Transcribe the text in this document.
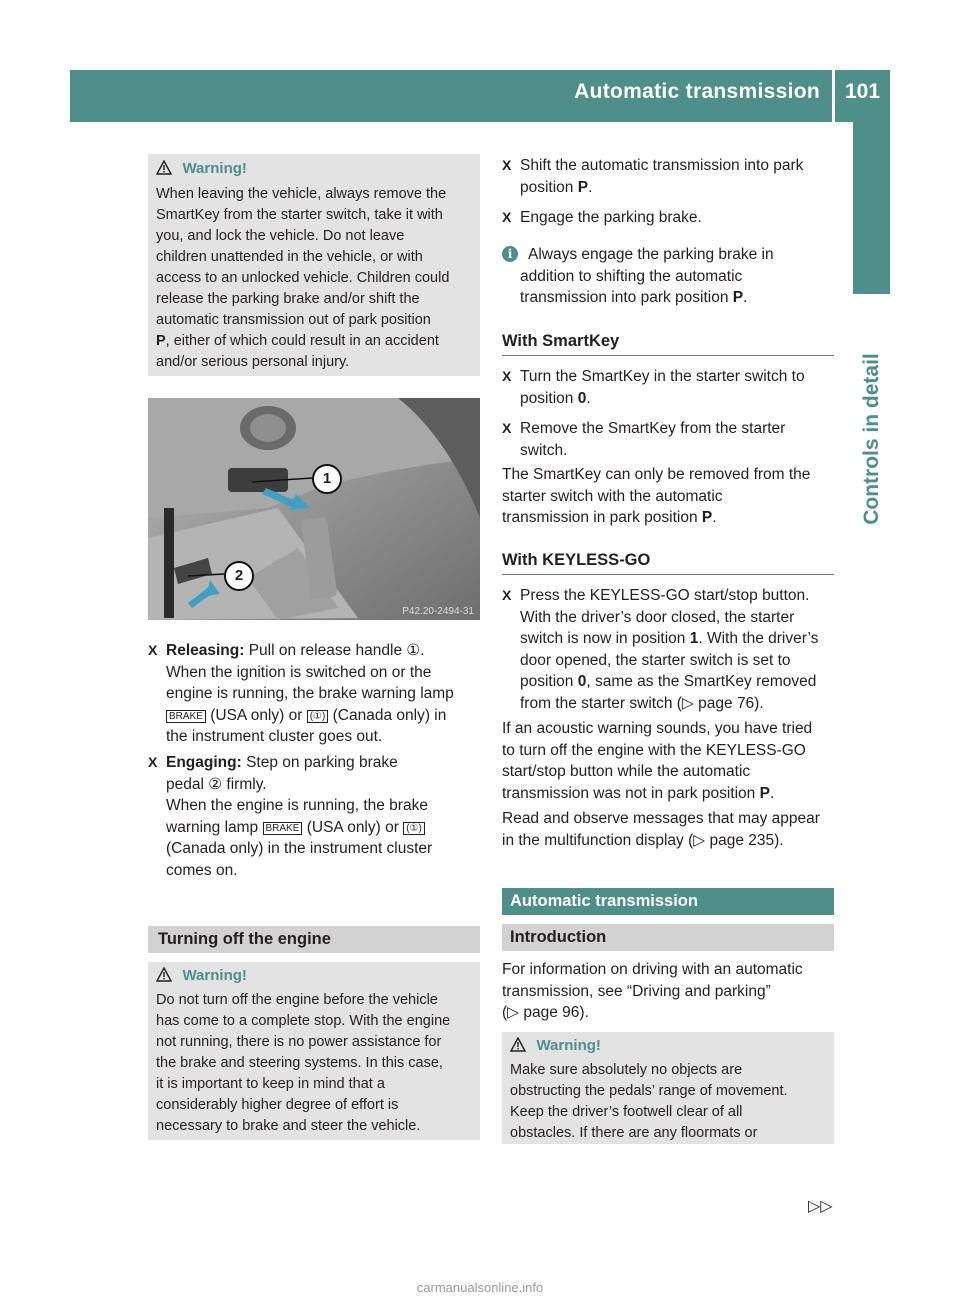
Automatic transmission 101
Controls in detail
Warning!
When leaving the vehicle, always remove the
SmartKey from the starter switch, take it with
you, and lock the vehicle. Do not leave
children unattended in the vehicle, or with
access to an unlocked vehicle. Children could
release the parking brake and/or shift the
automatic transmission out of park position
P, either of which could result in an accident
and/or serious personal injury.
1
2
P42.20-2494-31
X Releasing: Pull on release handle ①.
When the ignition is switched on or the
engine is running, the brake warning lamp
BRAKE (USA only) or (①) (Canada only) in
the instrument cluster goes out.
X Engaging: Step on parking brake
pedal ② firmly.
When the engine is running, the brake
warning lamp BRAKE (USA only) or (①)
(Canada only) in the instrument cluster
comes on.
Turning off the engine
Warning!
Do not turn off the engine before the vehicle
has come to a complete stop. With the engine
not running, there is no power assistance for
the brake and steering systems. In this case,
it is important to keep in mind that a
considerably higher degree of effort is
necessary to brake and steer the vehicle.
X Shift the automatic transmission into park
position P.
X Engage the parking brake.
i	Always engage the parking brake in
addition to shifting the automatic
transmission into park position P.
With SmartKey
X Turn the SmartKey in the starter switch to
position 0.
X Remove the SmartKey from the starter
switch.
The SmartKey can only be removed from the
starter switch with the automatic
transmission in park position P.
With KEYLESS-GO
X Press the KEYLESS-GO start/stop button.
With the driver’s door closed, the starter
switch is now in position 1. With the driver’s
door opened, the starter switch is set to
position 0, same as the SmartKey removed
from the starter switch (▷ page 76).
If an acoustic warning sounds, you have tried
to turn off the engine with the KEYLESS-GO
start/stop button while the automatic
transmission was not in park position P.
Read and observe messages that may appear
in the multifunction display (▷ page 235).
Automatic transmission
Introduction
For information on driving with an automatic
transmission, see “Driving and parking”
(▷ page 96).
Warning!
Make sure absolutely no objects are
obstructing the pedals’ range of movement.
Keep the driver’s footwell clear of all
obstacles. If there are any floormats or
▷▷
carmanualsonline.info
